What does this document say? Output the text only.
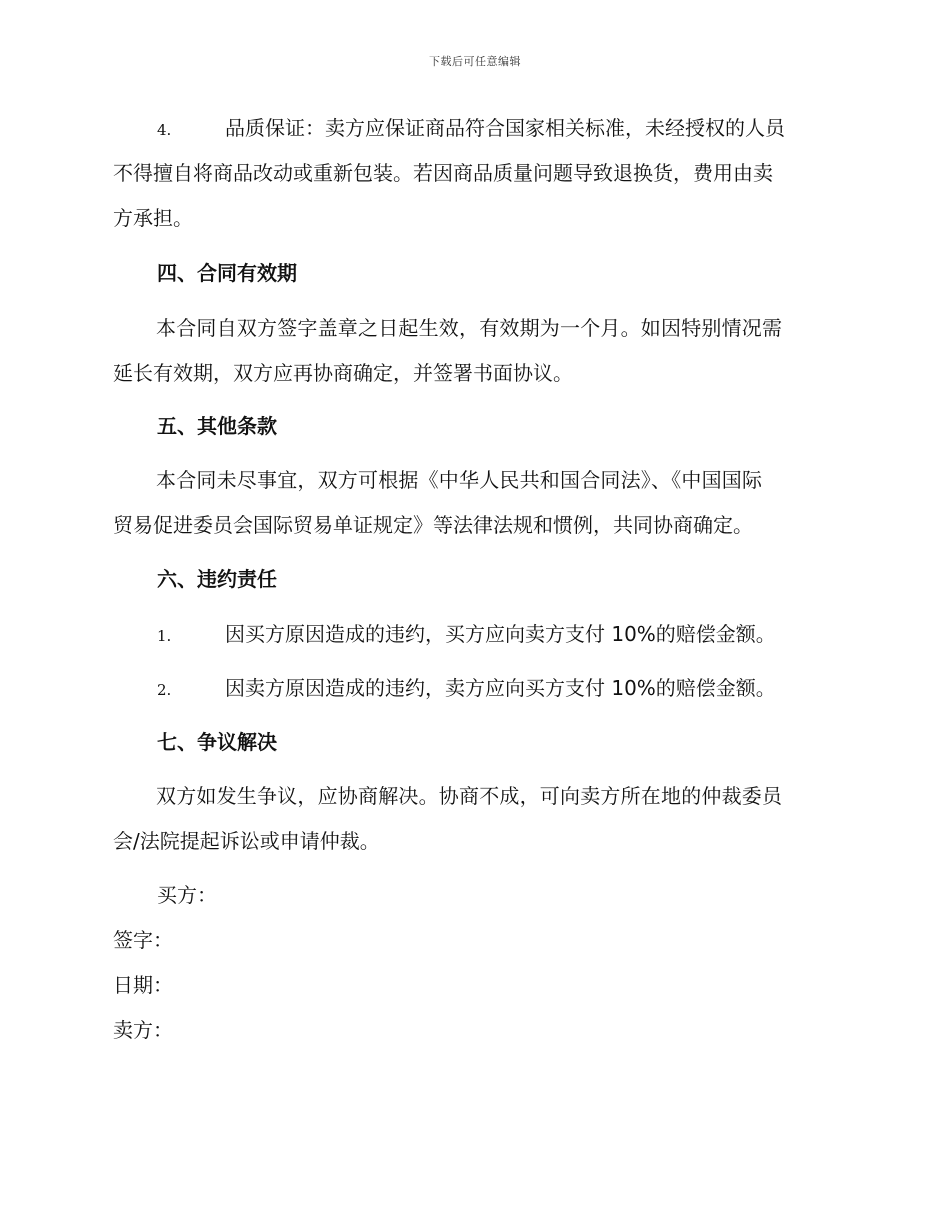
下载后可任意编辑
4.	品质保证：卖方应保证商品符合国家相关标准，未经授权的人员
不得擅自将商品改动或重新包装。若因商品质量问题导致退换货，费用由卖
方承担。
四、合同有效期
本合同自双方签字盖章之日起生效，有效期为一个月。如因特别情况需
延长有效期，双方应再协商确定，并签署书面协议。
五、其他条款
本合同未尽事宜，双方可根据《中华人民共和国合同法》、《中国国际
贸易促进委员会国际贸易单证规定》等法律法规和惯例，共同协商确定。
六、违约责任
1.	因买方原因造成的违约，买方应向卖方支付 10%的赔偿金额。
2.	因卖方原因造成的违约，卖方应向买方支付 10%的赔偿金额。
七、争议解决
双方如发生争议，应协商解决。协商不成，可向卖方所在地的仲裁委员
会/法院提起诉讼或申请仲裁。
买方：
签字：
日期：
卖方：
